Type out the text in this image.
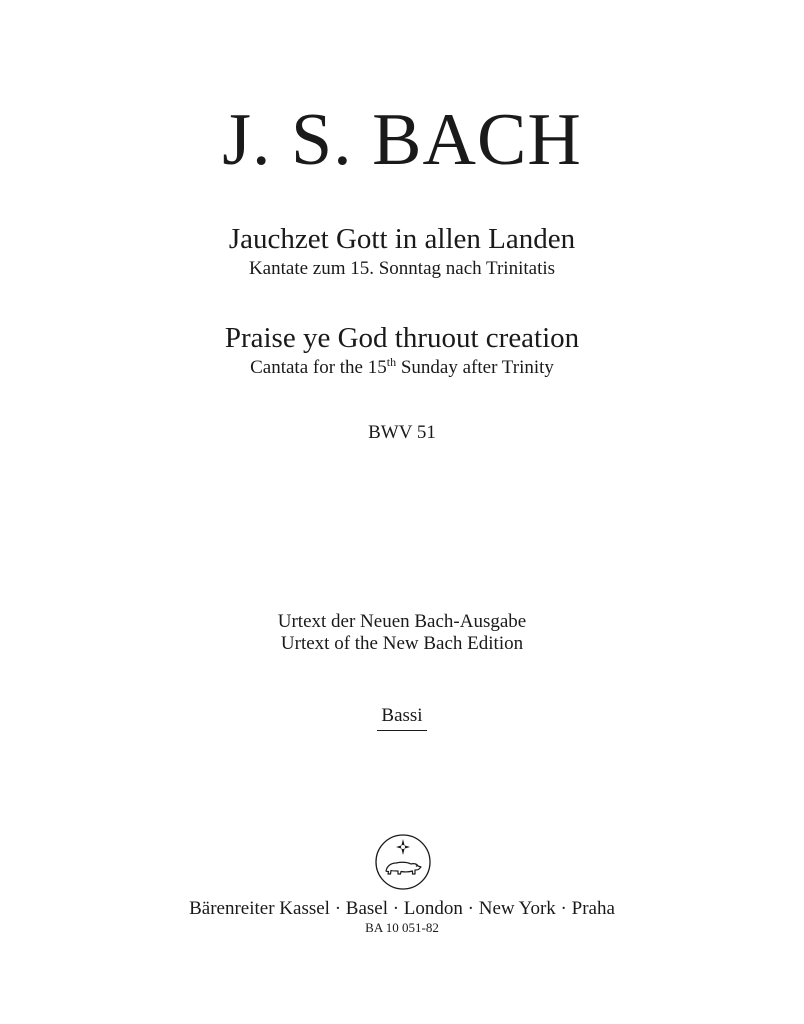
J. S. BACH
Jauchzet Gott in allen Landen
Kantate zum 15. Sonntag nach Trinitatis
Praise ye God thruout creation
Cantata for the 15th Sunday after Trinity
BWV 51
Urtext der Neuen Bach-Ausgabe
Urtext of the New Bach Edition
Bassi
Bärenreiter Kassel · Basel · London · New York · Praha
BA 10 051-82
